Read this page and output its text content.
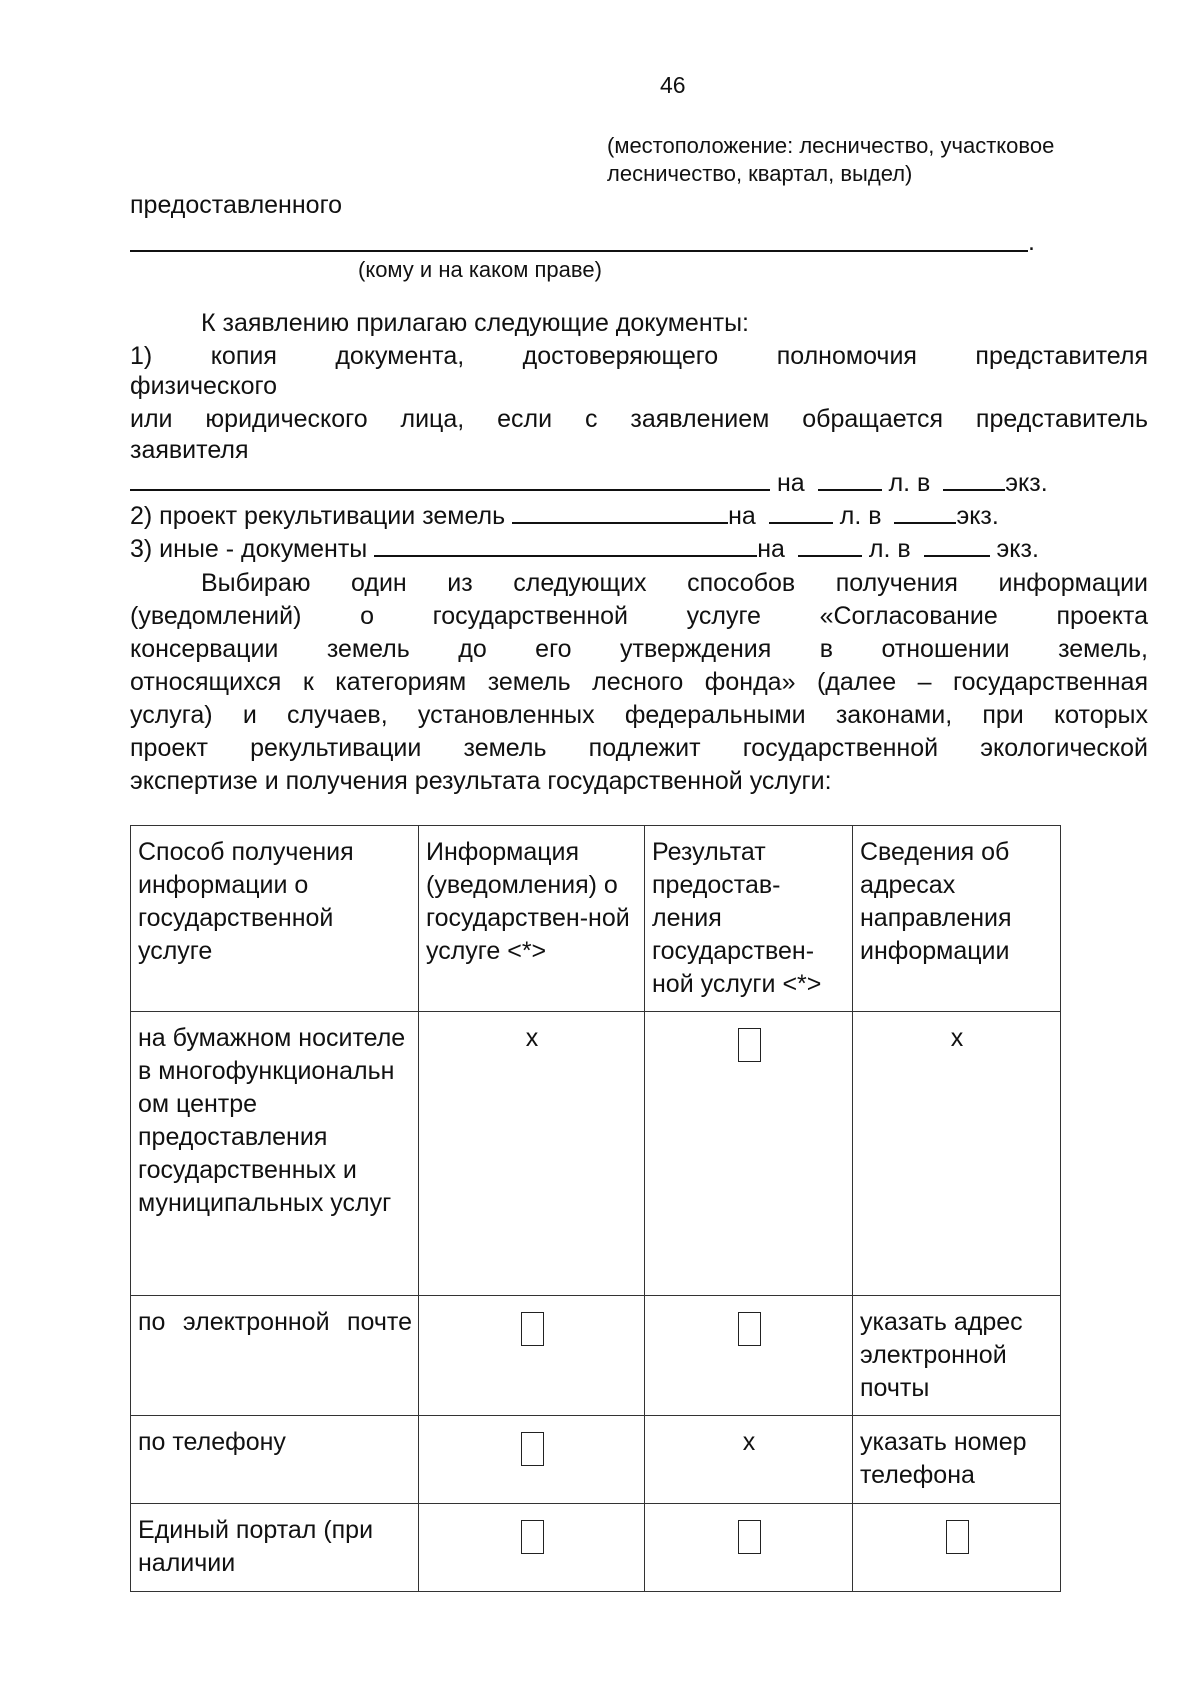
46
(местоположение: лесничество, участковое
лесничество, квартал, выдел)
предоставленного
.
(кому и на каком праве)
К заявлению прилагаю следующие документы:
1) копия документа, достоверяющего полномочия представителя
физического
или юридического лица, если с заявлением обращается представитель
заявителя
на	л. в	экз.
2) проект рекультивации земель	на	л. в	экз.
3) иные - документы	на	л. в	экз.
Выбираю один из следующих способов получения информации
(уведомлений) о государственной услуге «Согласование проекта
консервации земель до его утверждения в отношении земель,
относящихся к категориям земель лесного фонда» (далее – государственная
услуга) и случаев, установленных федеральными законами, при которых
проект рекультивации земель подлежит государственной экологической
экспертизе и получения результата государственной услуги:
Способ получения информации о государственной услуге	Информация (уведомления) о государствен-ной услуге <*>	Результат предостав-ления государствен-ной услуги <*>	Сведения об адресах направления информации
на бумажном носителе в многофункциональн ом центре предоставления государственных и муниципальных услуг	x		x
по электронной почте			указать адрес электронной почты
по телефону		x	указать номер телефона
Единый портал (при наличии			
